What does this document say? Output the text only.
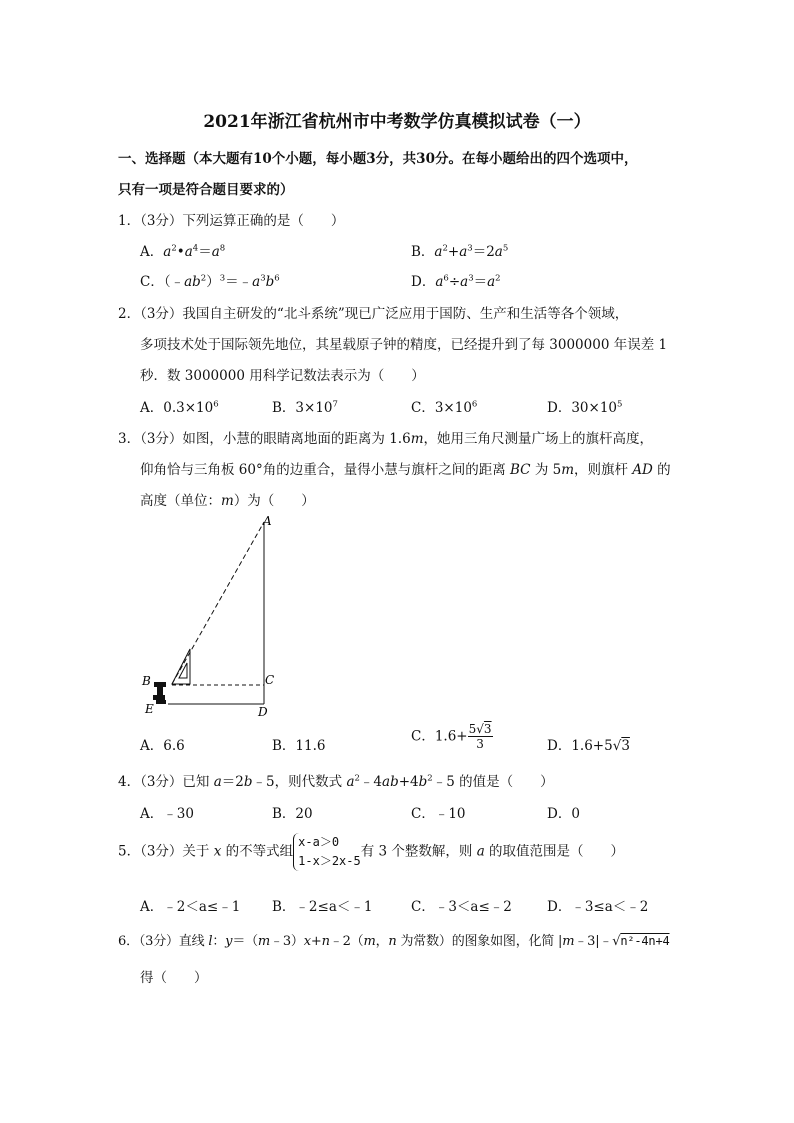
2021年浙江省杭州市中考数学仿真模拟试卷（一）
一、选择题（本大题有10个小题，每小题3分，共30分。在每小题给出的四个选项中，
只有一项是符合题目要求的）
1．（3分）下列运算正确的是（　　）
A．$a^2•a^4=a^8$	B．$a^2+a^3=2a^5$
C．$(﹣ab^2)^3=﹣a^3b^6$	D．$a^6\div a^3=a^2$
2．（3分）我国自主研发的“北斗系统”现已广泛应用于国防、生产和生活等各个领域，
多项技术处于国际领先地位，其星载原子钟的精度，已经提升到了每 3000000 年误差 1
秒．数 3000000 用科学记数法表示为（　　）
A．$0.3\times 10^6$	B．$3\times 10^7$	C．$3\times 10^6$	D．$30\times 10^5$
3．（3分）如图，小慧的眼睛离地面的距离为 1.6m，她用三角尺测量广场上的旗杆高度，
仰角恰与三角板 60°角的边重合，量得小慧与旗杆之间的距离 BC 为 5m，则旗杆 AD 的
高度（单位：m）为（　　）
A
B	C
D
E
A．6.6	B．11.6
C．$1.6+ \frac{5√3}{3}$	D．1.6+5√3
4．（3分）已知 a＝2b﹣5，则代数式 $a^2﹣4ab+4b^2﹣5$ 的值是（　　）
A．﹣30	B．20	C．﹣10	D．0
5．（3分）关于 x 的不等式组
x-a＞0
1-x＞2x-5
有 3 个整数解，则 a 的取值范围是（　　）
A．﹣2＜a≤﹣1 B．﹣2≤a＜﹣1	C．﹣3＜a≤﹣2	D．﹣3≤a＜﹣2
6．（3分）直线 l：y＝（m﹣3）x+n﹣2（m，n 为常数）的图象如图，化简 |m﹣3|﹣√n²-4n+4
得（　　）
